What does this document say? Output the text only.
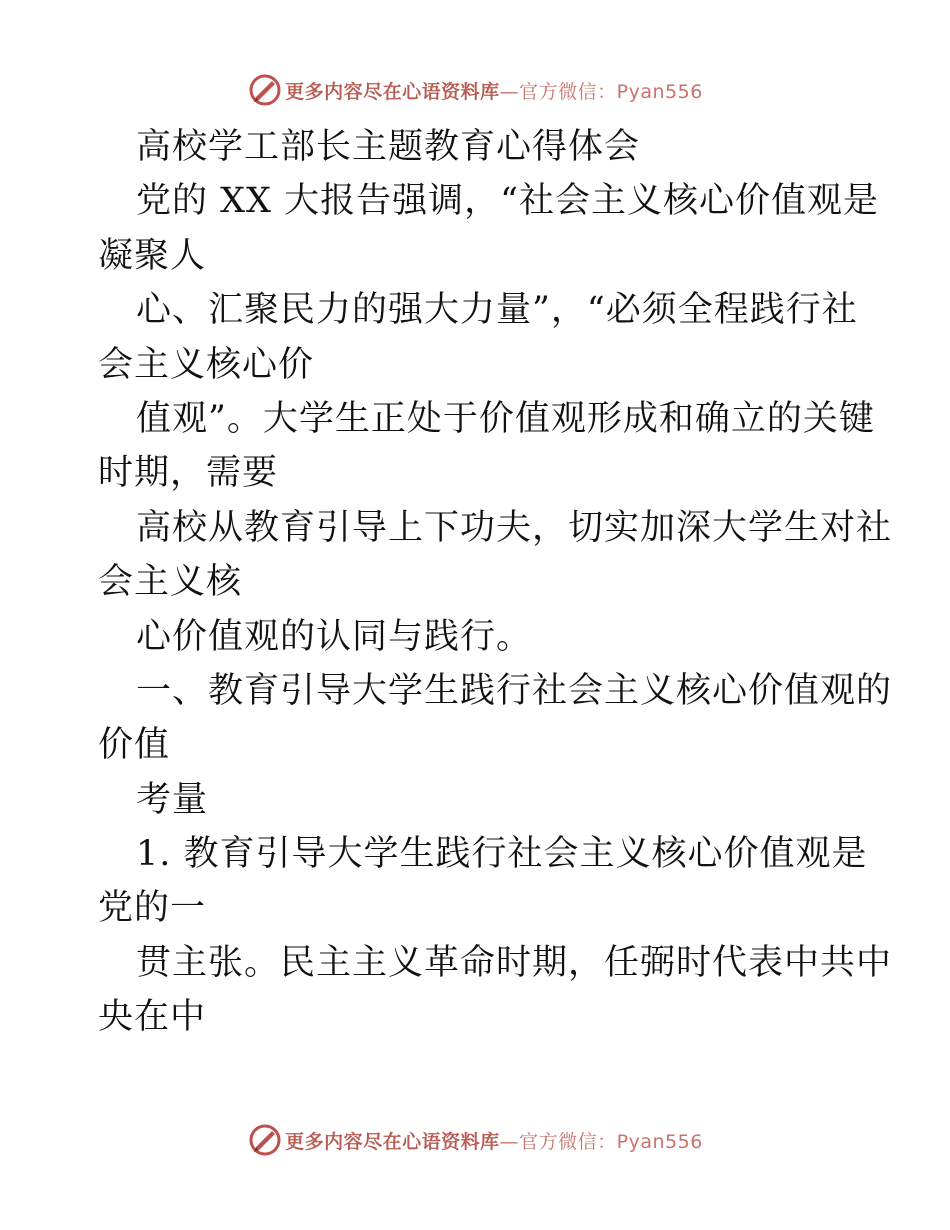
更多内容尽在心语资料库—官方微信：Pyan556
高校学工部长主题教育心得体会
党的 XX 大报告强调，“社会主义核心价值观是
凝聚人
心、汇聚民力的强大力量”，“必须全程践行社
会主义核心价
值观”。大学生正处于价值观形成和确立的关键
时期，需要
高校从教育引导上下功夫，切实加深大学生对社
会主义核
心价值观的认同与践行。
一、教育引导大学生践行社会主义核心价值观的
价值
考量
1. 教育引导大学生践行社会主义核心价值观是
党的一
贯主张。民主主义革命时期，任弼时代表中共中
央在中
更多内容尽在心语资料库—官方微信：Pyan556
